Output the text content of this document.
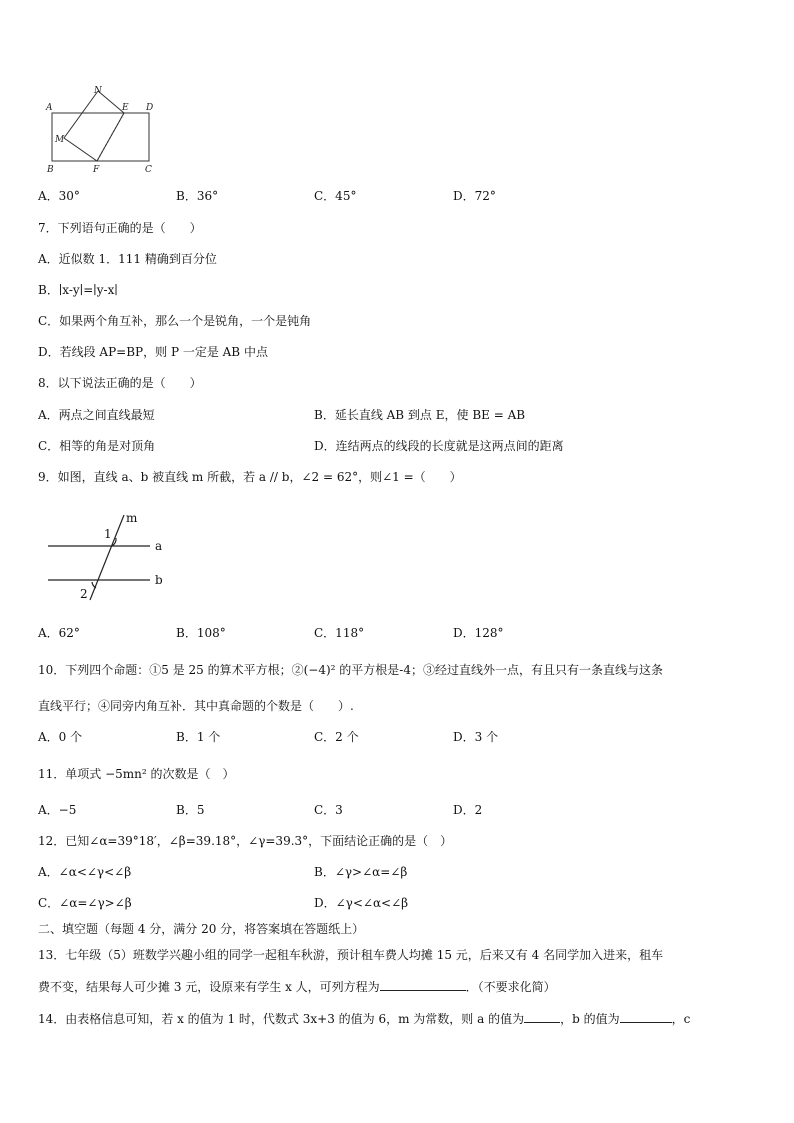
A
N
E D
M
B	F	C
A．30°	B．36°	C．45°	D．72°
7．下列语句正确的是（　　）
A．近似数 1．111 精确到百分位
B．∣x-y∣=∣y-x∣
C．如果两个角互补，那么一个是锐角，一个是钝角
D．若线段 AP=BP，则 P 一定是 AB 中点
8．以下说法正确的是（　　）
A．两点之间直线最短	B．延长直线 AB 到点 E，使 BE = AB
C．相等的角是对顶角	D．连结两点的线段的长度就是这两点间的距离
9．如图，直线 a、b 被直线 m 所截，若 a // b，∠2 = 62°，则∠1 =（　　）
m
a
b
1
2
A．62°	B．108°	C．118°	D．128°
10．下列四个命题：①5 是 25 的算术平方根；②(−4)² 的平方根是-4；③经过直线外一点，有且只有一条直线与这条
直线平行；④同旁内角互补．其中真命题的个数是（　　）.
A．0 个	B．1 个	C．2 个	D．3 个
11．单项式 −5mn² 的次数是（　）
A．−5	B．5	C．3	D．2
12．已知∠α=39°18′，∠β=39.18°，∠γ=39.3°，下面结论正确的是（　）
A．∠α<∠γ<∠β	B．∠γ>∠α=∠β
C．∠α=∠γ>∠β	D．∠γ<∠α<∠β
二、填空题（每题 4 分，满分 20 分，将答案填在答题纸上）
13．七年级（5）班数学兴趣小组的同学一起租车秋游，预计租车费人均摊 15 元，后来又有 4 名同学加入进来，租车
费不变，结果每人可少摊 3 元，设原来有学生 x 人，可列方程为	．（不要求化简）
14．由表格信息可知，若 x 的值为 1 时，代数式 3x+3 的值为 6，m 为常数，则 a 的值为	，b 的值为	，c
